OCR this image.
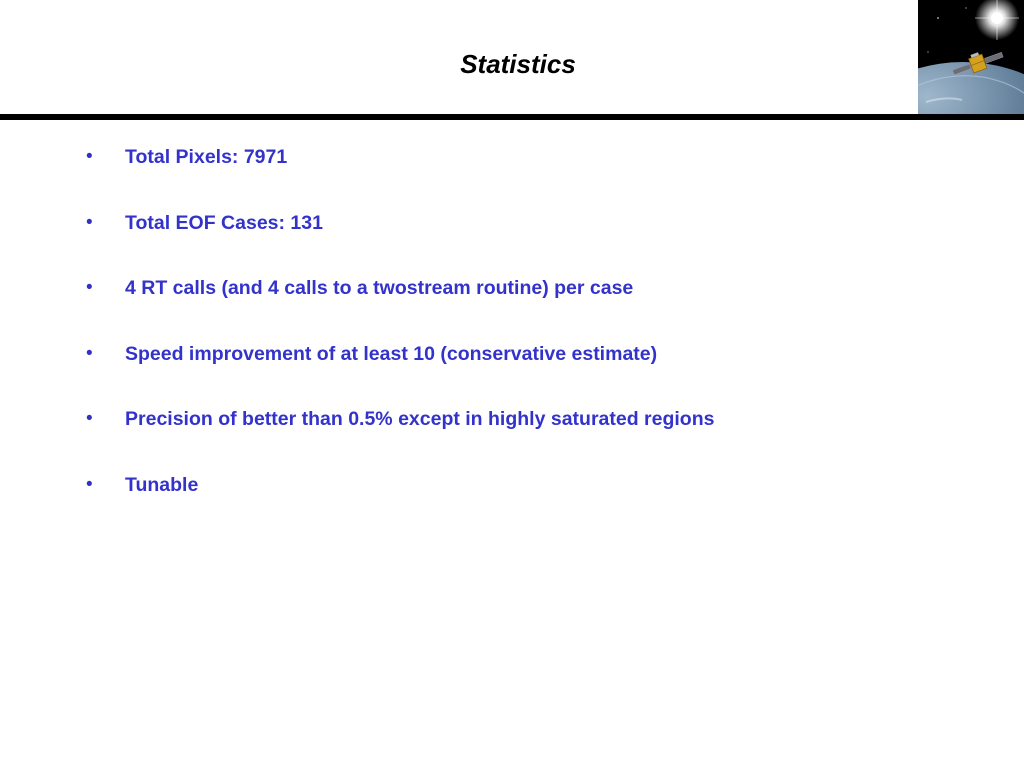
Statistics
• Total Pixels: 7971
• Total EOF Cases: 131
• 4 RT calls (and 4 calls to a twostream routine) per case
• Speed improvement of at least 10 (conservative estimate)
• Precision of better than 0.5% except in highly saturated regions
• Tunable
